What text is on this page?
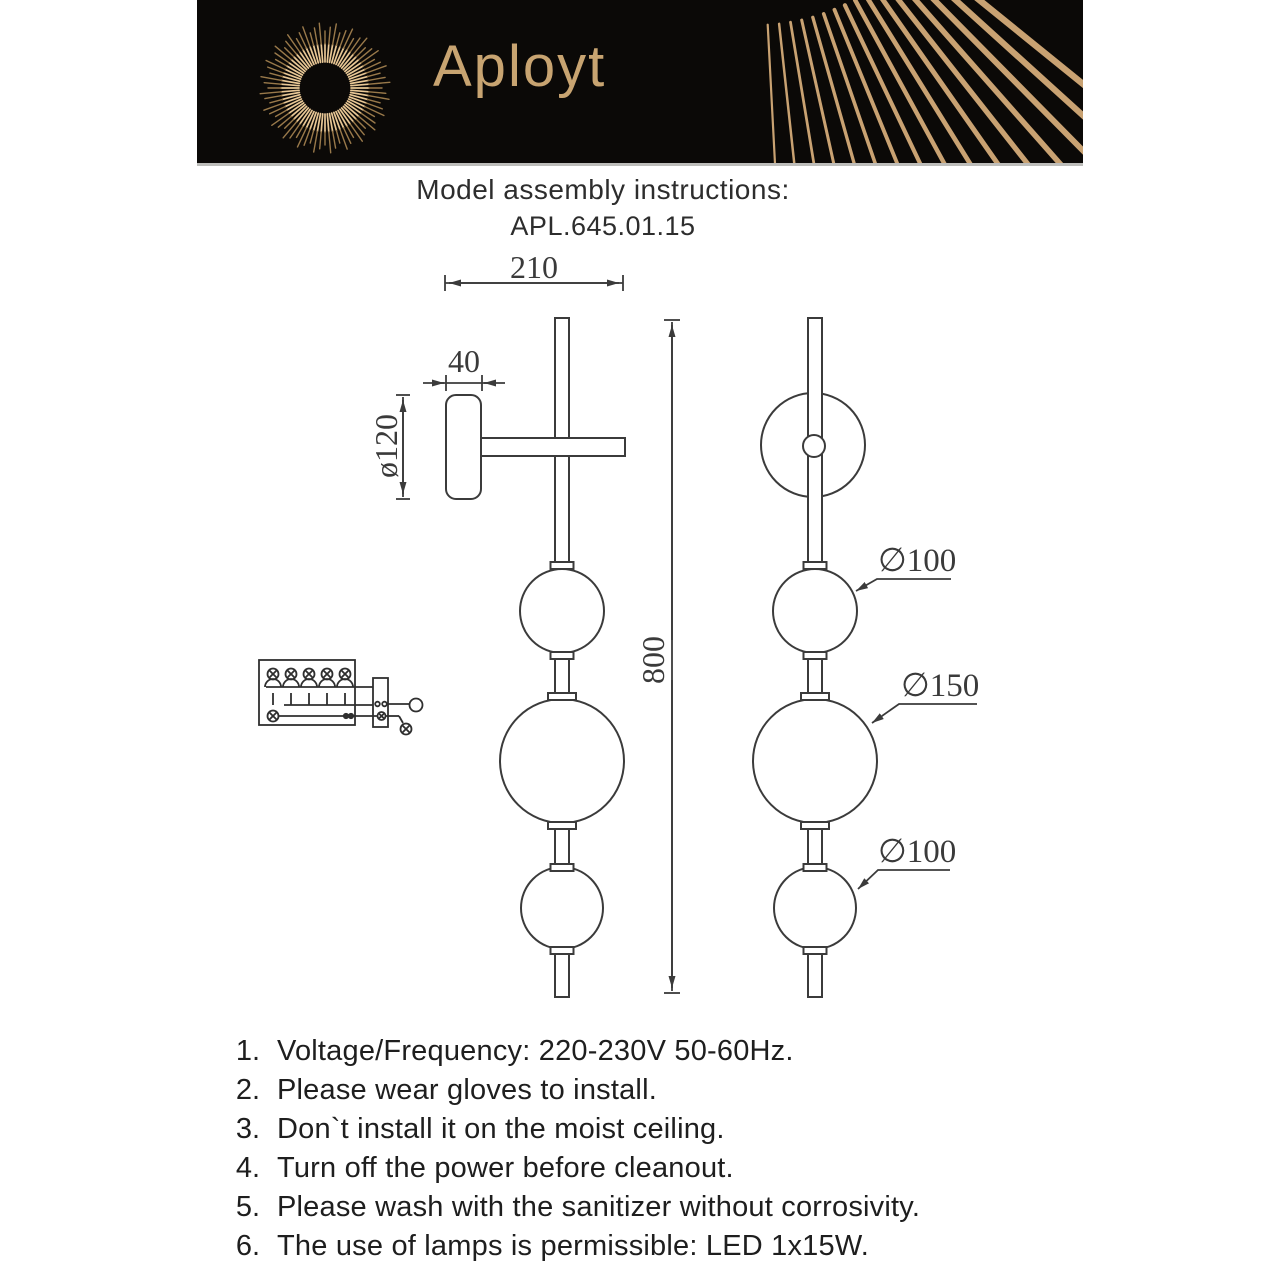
Aployt
Model assembly instructions:
APL.645.01.15
210
40
ø120
800
∅100
∅150
∅100
1. Voltage/Frequency: 220-230V 50-60Hz.
2. Please wear gloves to install.
3. Don`t install it on the moist ceiling.
4. Turn off the power before cleanout.
5. Please wash with the sanitizer without corrosivity.
6. The use of lamps is permissible: LED 1x15W.
